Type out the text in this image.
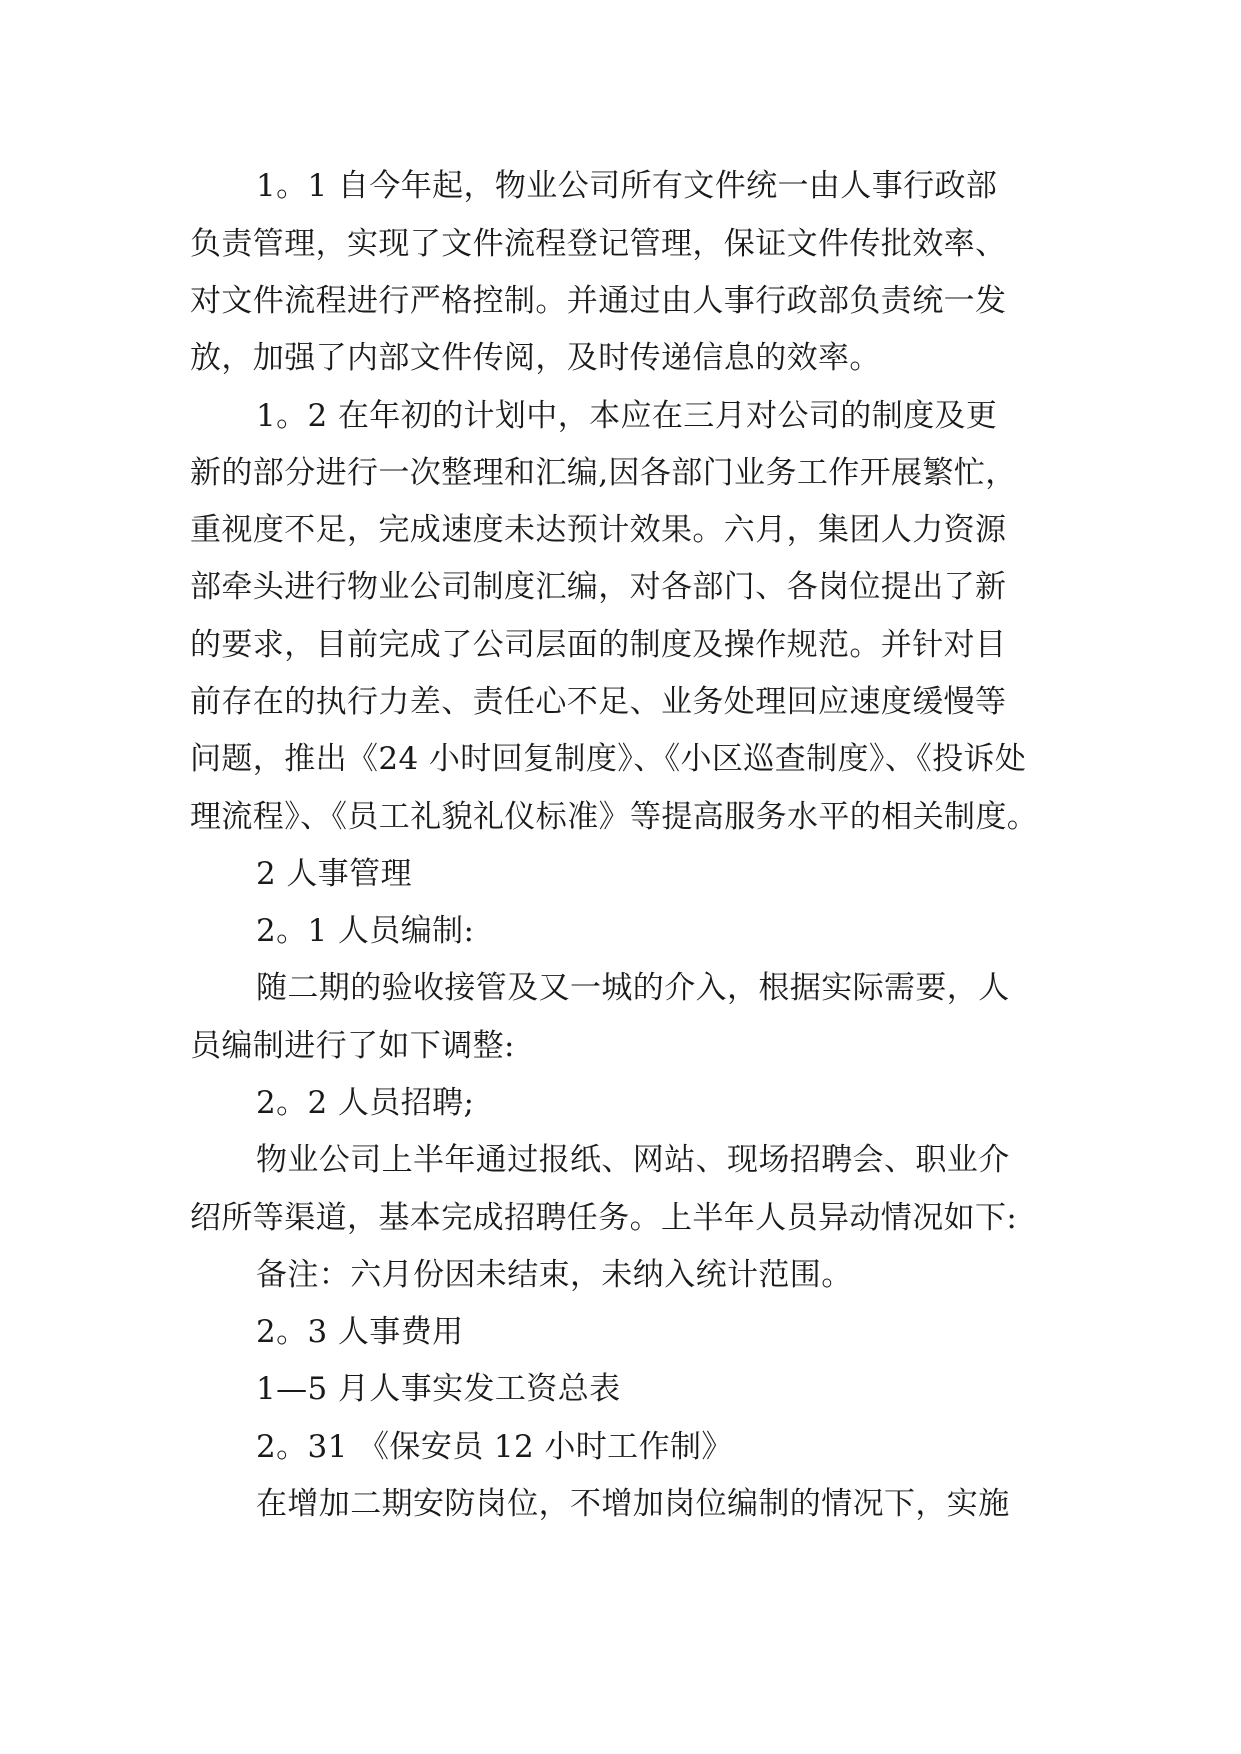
1。1 自今年起，物业公司所有文件统一由人事行政部
负责管理，实现了文件流程登记管理，保证文件传批效率、
对文件流程进行严格控制。并通过由人事行政部负责统一发
放，加强了内部文件传阅，及时传递信息的效率。
1。2 在年初的计划中，本应在三月对公司的制度及更
新的部分进行一次整理和汇编,因各部门业务工作开展繁忙，
重视度不足，完成速度未达预计效果。六月，集团人力资源
部牵头进行物业公司制度汇编，对各部门、各岗位提出了新
的要求，目前完成了公司层面的制度及操作规范。并针对目
前存在的执行力差、责任心不足、业务处理回应速度缓慢等
问题，推出《24 小时回复制度》、《小区巡查制度》、《投诉处
理流程》、《员工礼貌礼仪标准》等提高服务水平的相关制度。
2 人事管理
2。1 人员编制:
随二期的验收接管及又一城的介入，根据实际需要，人
员编制进行了如下调整:
2。2 人员招聘;
物业公司上半年通过报纸、网站、现场招聘会、职业介
绍所等渠道，基本完成招聘任务。上半年人员异动情况如下:
备注：六月份因未结束，未纳入统计范围。
2。3 人事费用
1—5 月人事实发工资总表
2。31 《保安员 12 小时工作制》
在增加二期安防岗位，不增加岗位编制的情况下，实施
